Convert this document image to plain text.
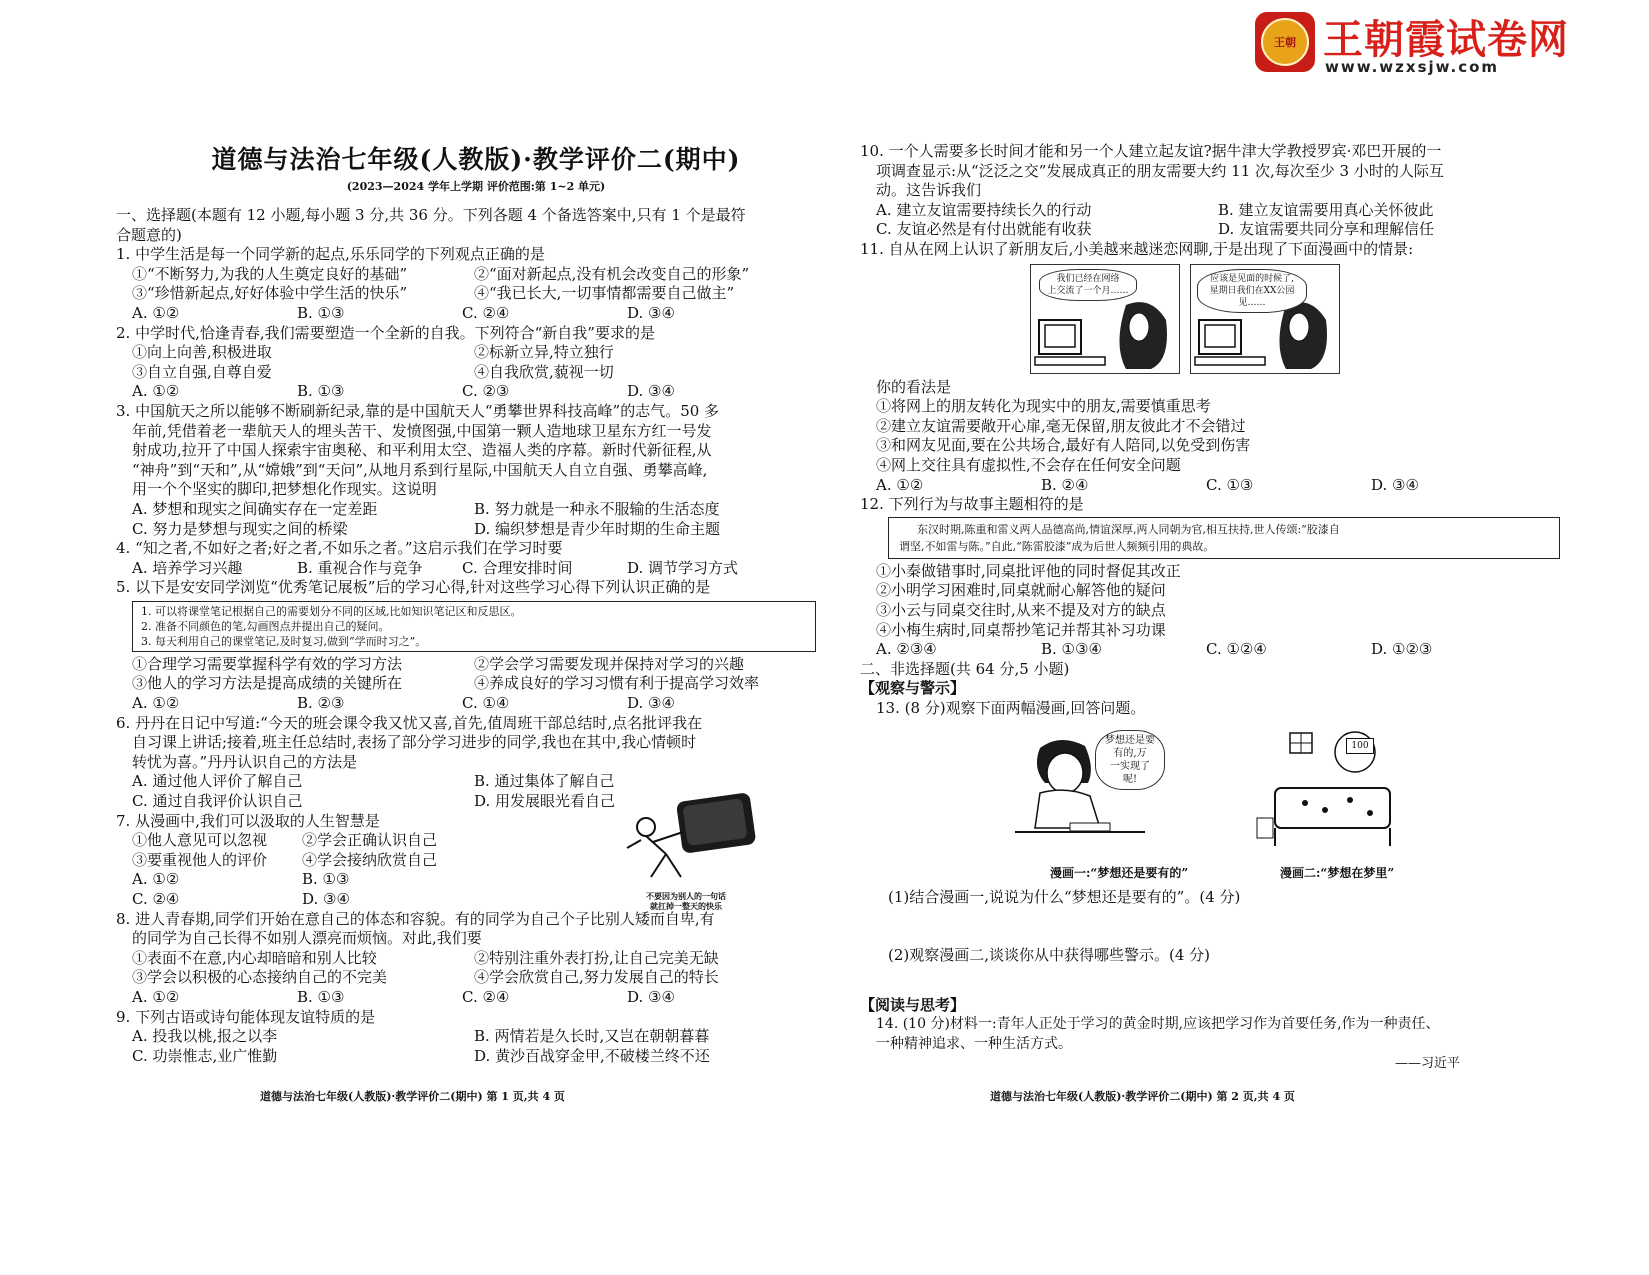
王朝 王朝霞试卷网
www.wzxsjw.com
道德与法治七年级(人教版)·教学评价二(期中)
(2023—2024 学年上学期 评价范围:第 1~2 单元)
一、选择题(本题有 12 小题,每小题 3 分,共 36 分。下列各题 4 个备选答案中,只有 1 个是最符
合题意的)
1. 中学生活是每一个同学新的起点,乐乐同学的下列观点正确的是
①“不断努力,为我的人生奠定良好的基础”	②“面对新起点,没有机会改变自己的形象”
③“珍惜新起点,好好体验中学生活的快乐”	④“我已长大,一切事情都需要自己做主”
A. ①②	B. ①③	C. ②④	D. ③④
2. 中学时代,恰逢青春,我们需要塑造一个全新的自我。下列符合“新自我”要求的是
①向上向善,积极进取	②标新立异,特立独行
③自立自强,自尊自爱	④自我欣赏,藐视一切
A. ①②	B. ①③	C. ②③	D. ③④
3. 中国航天之所以能够不断刷新纪录,靠的是中国航天人“勇攀世界科技高峰”的志气。50 多
年前,凭借着老一辈航天人的埋头苦干、发愤图强,中国第一颗人造地球卫星东方红一号发
射成功,拉开了中国人探索宇宙奥秘、和平利用太空、造福人类的序幕。新时代新征程,从
“神舟”到“天和”,从“嫦娥”到“天问”,从地月系到行星际,中国航天人自立自强、勇攀高峰,
用一个个坚实的脚印,把梦想化作现实。这说明
A. 梦想和现实之间确实存在一定差距	B. 努力就是一种永不服输的生活态度
C. 努力是梦想与现实之间的桥梁	D. 编织梦想是青少年时期的生命主题
4. “知之者,不如好之者;好之者,不如乐之者。”这启示我们在学习时要
A. 培养学习兴趣	B. 重视合作与竞争	C. 合理安排时间	D. 调节学习方式
5. 以下是安安同学浏览“优秀笔记展板”后的学习心得,针对这些学习心得下列认识正确的是
1. 可以将课堂笔记根据自己的需要划分不同的区域,比如知识笔记区和反思区。
2. 准备不同颜色的笔,勾画图点并提出自己的疑问。
3. 每天利用自己的课堂笔记,及时复习,做到“学而时习之”。
①合理学习需要掌握科学有效的学习方法	②学会学习需要发现并保持对学习的兴趣
③他人的学习方法是提高成绩的关键所在	④养成良好的学习习惯有利于提高学习效率
A. ①②	B. ②③	C. ①④	D. ③④
6. 丹丹在日记中写道:“今天的班会课令我又忧又喜,首先,值周班干部总结时,点名批评我在
自习课上讲话;接着,班主任总结时,表扬了部分学习进步的同学,我也在其中,我心情顿时
转忧为喜。”丹丹认识自己的方法是
A. 通过他人评价了解自己	B. 通过集体了解自己
C. 通过自我评价认识自己	D. 用发展眼光看自己
7. 从漫画中,我们可以汲取的人生智慧是
①他人意见可以忽视	②学会正确认识自己
③要重视他人的评价	④学会接纳欣赏自己
A. ①②	B. ①③
C. ②④	D. ③④	不要因为别人的一句话
就扛掉一整天的快乐
8. 进人青春期,同学们开始在意自己的体态和容貌。有的同学为自己个子比别人矮而自卑,有
的同学为自己长得不如别人漂亮而烦恼。对此,我们要
①表面不在意,内心却暗暗和别人比较	②特别注重外表打扮,让自己完美无缺
③学会以积极的心态接纳自己的不完美	④学会欣赏自己,努力发展自己的特长
A. ①②	B. ①③	C. ②④	D. ③④
9. 下列古语或诗句能体现友谊特质的是
A. 投我以桃,报之以李	B. 两情若是久长时,又岂在朝朝暮暮
C. 功崇惟志,业广惟勤	D. 黄沙百战穿金甲,不破楼兰终不还
道德与法治七年级(人教版)·教学评价二(期中) 第 1 页,共 4 页
10. 一个人需要多长时间才能和另一个人建立起友谊?据牛津大学教授罗宾·邓巴开展的一
项调查显示:从“泛泛之交”发展成真正的朋友需要大约 11 次,每次至少 3 小时的人际互
动。这告诉我们
A. 建立友谊需要持续长久的行动	B. 建立友谊需要用真心关怀彼此
C. 友谊必然是有付出就能有收获	D. 友谊需要共同分享和理解信任
11. 自从在网上认识了新朋友后,小美越来越迷恋网聊,于是出现了下面漫画中的情景:
我们已经在网络
上交流了一个月……
应该是见面的时候了,
星期日我们在XX公园见……
你的看法是
①将网上的朋友转化为现实中的朋友,需要慎重思考
②建立友谊需要敞开心扉,毫无保留,朋友彼此才不会错过
③和网友见面,要在公共场合,最好有人陪同,以免受到伤害
④网上交往具有虚拟性,不会存在任何安全问题
A. ①②	B. ②④	C. ①③	D. ③④
12. 下列行为与故事主题相符的是
东汉时期,陈重和雷义两人品德高尚,情谊深厚,两人同朝为官,相互扶持,世人传颂:“胶漆自
谓坚,不如雷与陈。”自此,“陈雷胶漆”成为后世人频频引用的典故。
①小秦做错事时,同桌批评他的同时督促其改正
②小明学习困难时,同桌就耐心解答他的疑问
③小云与同桌交往时,从来不提及对方的缺点
④小梅生病时,同桌帮抄笔记并帮其补习功课
A. ②③④	B. ①③④	C. ①②④	D. ①②③
二、非选择题(共 64 分,5 小题)
【观察与警示】
13. (8 分)观察下面两幅漫画,回答问题。
梦想还是要
有的,万
一实现了
呢!
100
漫画一:“梦想还是要有的”	漫画二:“梦想在梦里”
(1)结合漫画一,说说为什么“梦想还是要有的”。(4 分)
(2)观察漫画二,谈谈你从中获得哪些警示。(4 分)
【阅读与思考】
14. (10 分)材料一:青年人正处于学习的黄金时期,应该把学习作为首要任务,作为一种责任、
一种精神追求、一种生活方式。
——习近平
道德与法治七年级(人教版)·教学评价二(期中) 第 2 页,共 4 页
